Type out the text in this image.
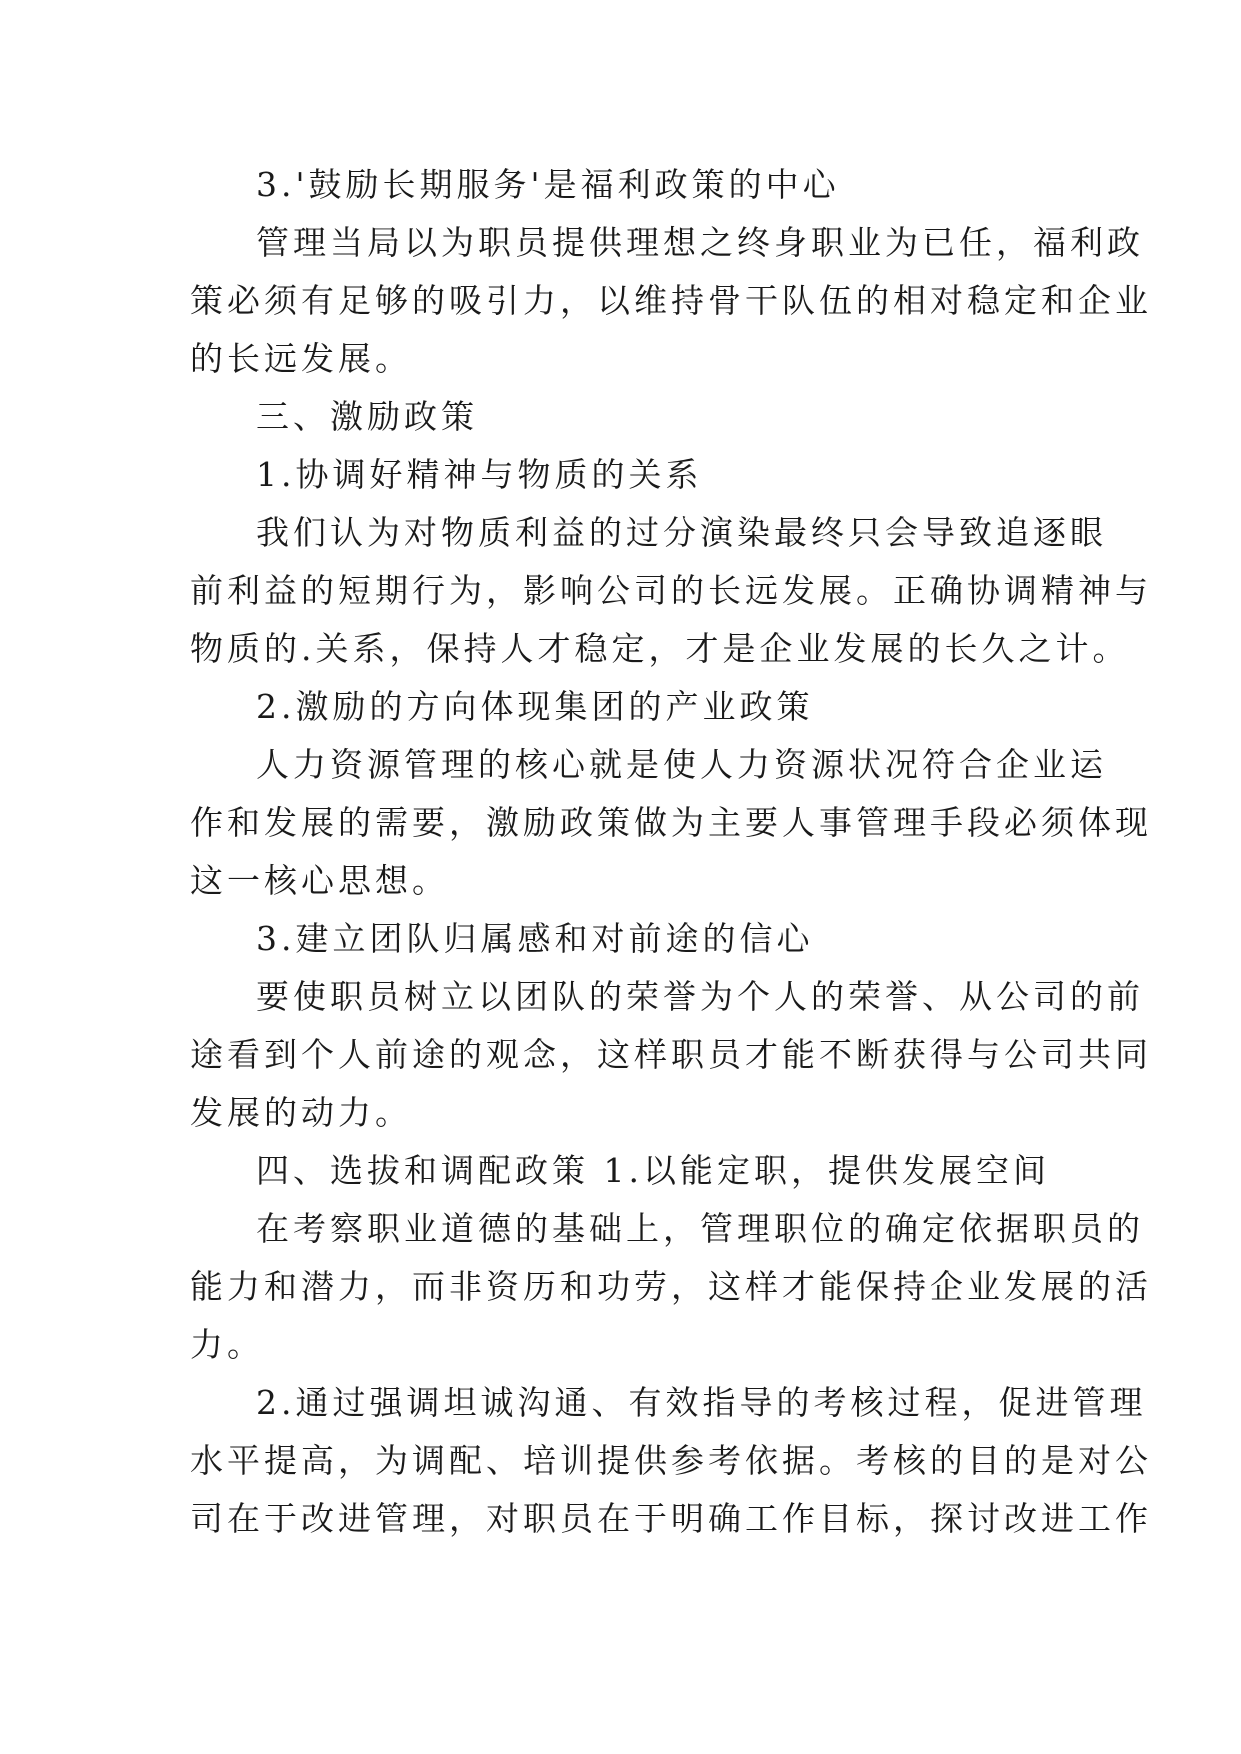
3.'鼓励长期服务'是福利政策的中心
管理当局以为职员提供理想之终身职业为已任，福利政
策必须有足够的吸引力，以维持骨干队伍的相对稳定和企业
的长远发展。
三、激励政策
1.协调好精神与物质的关系
我们认为对物质利益的过分演染最终只会导致追逐眼
前利益的短期行为，影响公司的长远发展。正确协调精神与
物质的.关系，保持人才稳定，才是企业发展的长久之计。
2.激励的方向体现集团的产业政策
人力资源管理的核心就是使人力资源状况符合企业运
作和发展的需要，激励政策做为主要人事管理手段必须体现
这一核心思想。
3.建立团队归属感和对前途的信心
要使职员树立以团队的荣誉为个人的荣誉、从公司的前
途看到个人前途的观念，这样职员才能不断获得与公司共同
发展的动力。
四、选拔和调配政策 1.以能定职，提供发展空间
在考察职业道德的基础上，管理职位的确定依据职员的
能力和潜力，而非资历和功劳，这样才能保持企业发展的活
力。
2.通过强调坦诚沟通、有效指导的考核过程，促进管理
水平提高，为调配、培训提供参考依据。考核的目的是对公
司在于改进管理，对职员在于明确工作目标，探讨改进工作
